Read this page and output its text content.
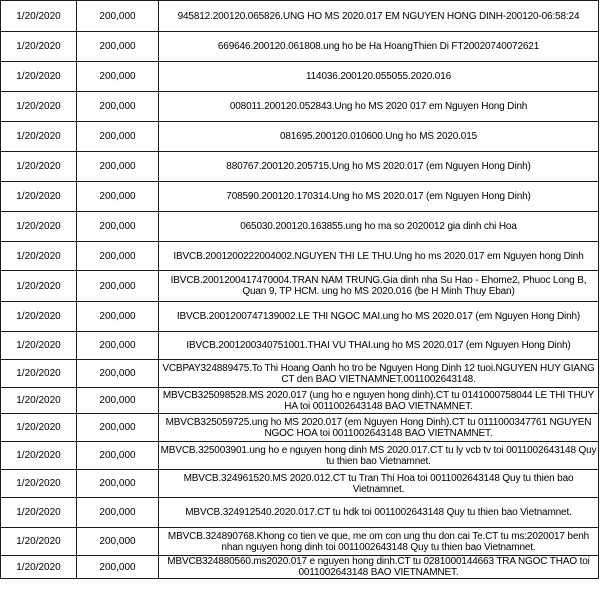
1/20/2020	200,000	945812.200120.065826.UNG HO MS 2020.017 EM NGUYEN HONG DINH-200120-06:58:24
1/20/2020	200,000	669646.200120.061808.ung ho be Ha HoangThien Di FT20020740072621
1/20/2020	200,000	114036.200120.055055.2020.016
1/20/2020	200,000	008011.200120.052843.Ung ho MS 2020 017 em Nguyen Hong Dinh
1/20/2020	200,000	081695.200120.010600.Ung ho MS 2020.015
1/20/2020	200,000	880767.200120.205715.Ung ho MS 2020.017 (em Nguyen Hong Dinh)
1/20/2020	200,000	708590.200120.170314.Ung ho MS 2020.017 (em Nguyen Hong Dinh)
1/20/2020	200,000	065030.200120.163855.ung ho ma so 2020012 gia dinh chi Hoa
1/20/2020	200,000	IBVCB.2001200222004002.NGUYEN THI LE THU.Ung ho ms 2020.017 em Nguyen hong Dinh
1/20/2020	200,000	IBVCB.2001200417470004.TRAN NAM TRUNG.Gia dinh nha Su Hao - Ehome2, Phuoc Long B, Quan 9, TP HCM. ung ho MS 2020.016 (be H Minh Thuy Eban)
1/20/2020	200,000	IBVCB.2001200747139002.LE THI NGOC MAI.ung ho MS 2020.017 (em Nguyen Hong Dinh)
1/20/2020	200,000	IBVCB.2001200340751001.THAI VU THAI.ung ho MS 2020.017 (em Nguyen Hong Dinh)
1/20/2020	200,000	VCBPAY324889475.To Thi Hoang Oanh ho tro be Nguyen Hong Dinh 12 tuoi.NGUYEN HUY GIANG CT den BAO VIETNAMNET.0011002643148.
1/20/2020	200,000	MBVCB325098528.MS 2020.017 (ung ho e nguyen hong dinh).CT tu 0141000758044 LE THI THUY HA toi 0011002643148 BAO VIETNAMNET.
1/20/2020	200,000	MBVCB325059725.ung ho MS 2020.017 (em Nguyen Hong Dinh).CT tu 0111000347761 NGUYEN NGOC HOA toi 0011002643148 BAO VIETNAMNET.
1/20/2020	200,000	MBVCB.325003901.ung ho e nguyen hong dinh MS 2020.017.CT tu ly vcb tv toi 0011002643148 Quy tu thien bao Vietnamnet.
1/20/2020	200,000	MBVCB.324961520.MS 2020.012.CT tu Tran Thi Hoa toi 0011002643148 Quy tu thien bao Vietnamnet.
1/20/2020	200,000	MBVCB.324912540.2020.017.CT tu hdk toi 0011002643148 Quy tu thien bao Vietnamnet.
1/20/2020	200,000	MBVCB.324890768.Khong co tien ve que, me om con ung thu don cai Te.CT tu ms:2020017 benh nhan nguyen hong dinh toi 0011002643148 Quy tu thien bao Vietnamnet.
1/20/2020	200,000	MBVCB324880560.ms2020.017 e nguyen hong dinh.CT tu 0281000144663 TRA NGOC THAO toi 0011002643148 BAO VIETNAMNET.
